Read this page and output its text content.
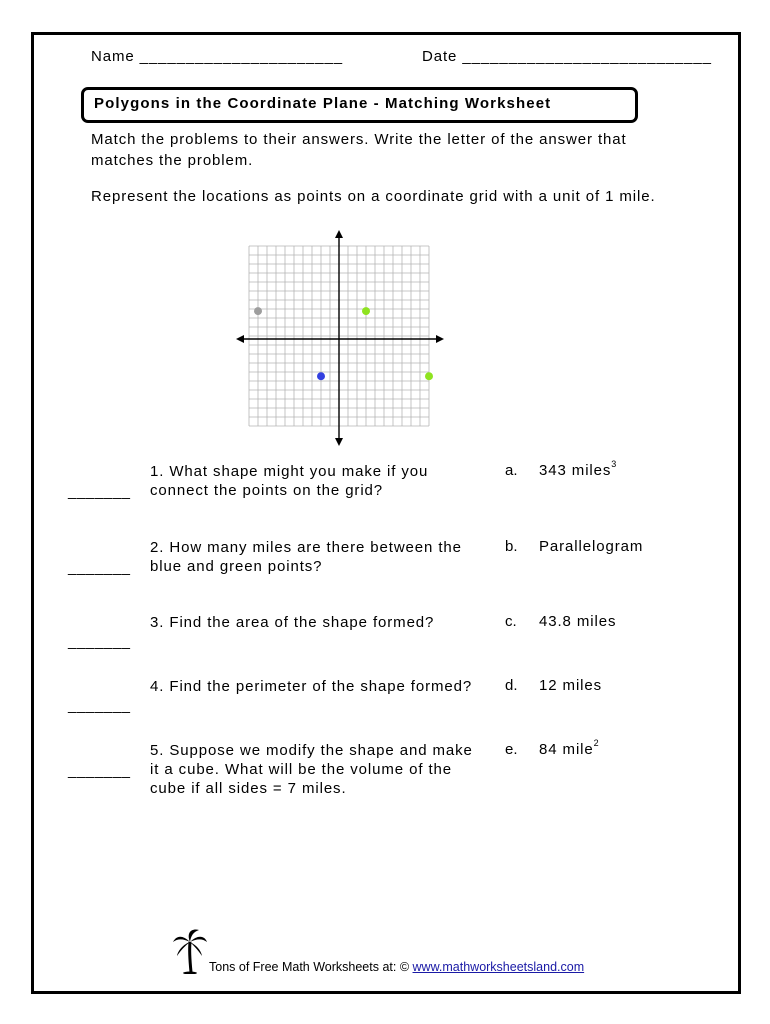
Name ______________________	Date ___________________________
Polygons in the Coordinate Plane - Matching Worksheet
Match the problems to their answers. Write the letter of the answer that
matches the problem.
Represent the locations as points on a coordinate grid with a unit of 1 mile.
_______
1. What shape might you make if you
connect the points on the grid?
a. 343 miles$^3$
_______
2. How many miles are there between the
blue and green points?
b. Parallelogram
_______
3. Find the area of the shape formed?	c. 43.8 miles
_______
4. Find the perimeter of the shape formed? d. 12 miles
_______
5. Suppose we modify the shape and make
it a cube. What will be the volume of the
cube if all sides = 7 miles.
e. 84 mile$^2$
Tons of Free Math Worksheets at: © www.mathworksheetsland.com
